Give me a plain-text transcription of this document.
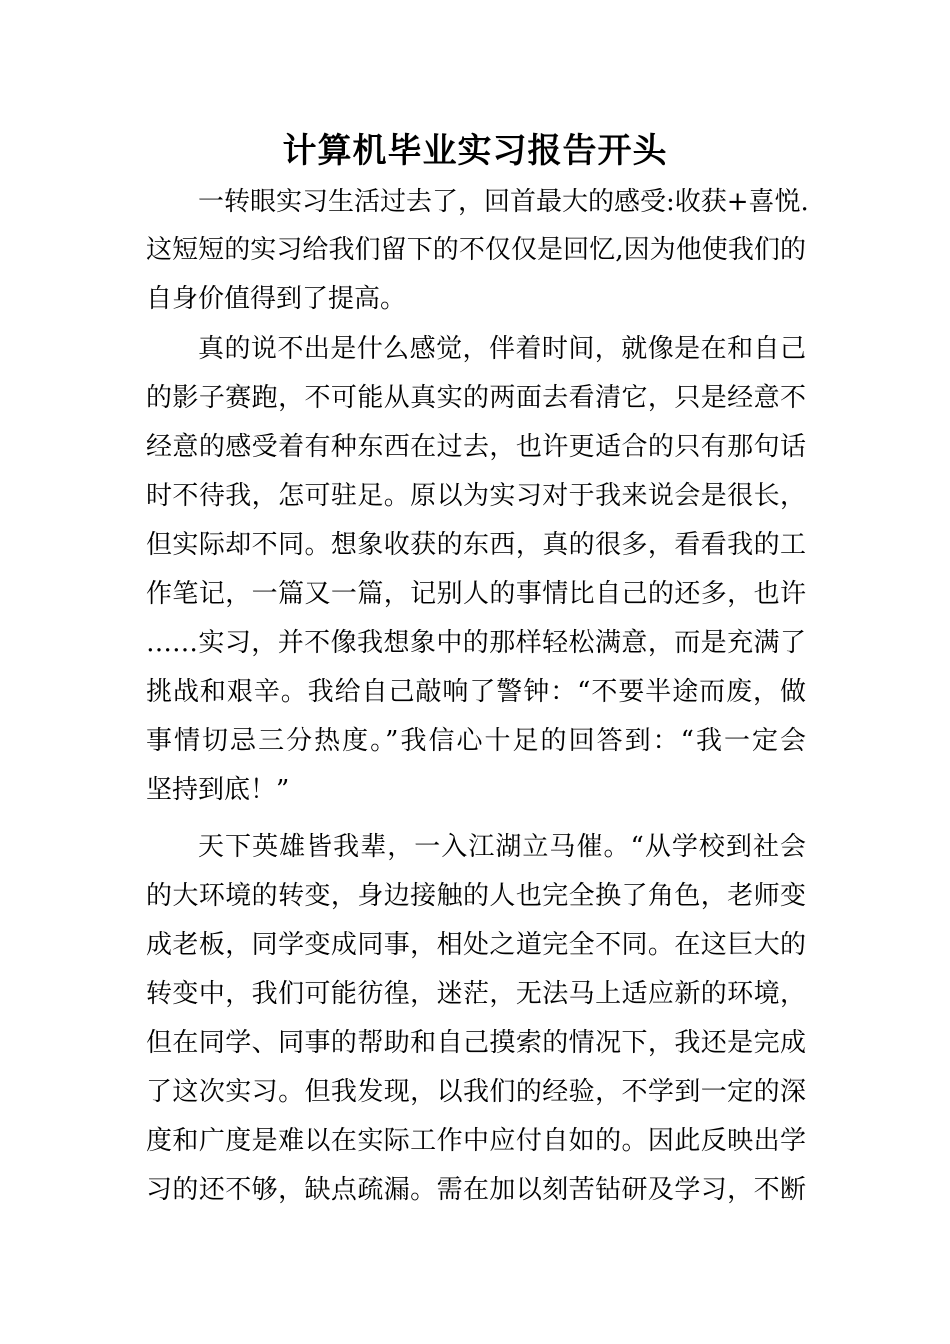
计算机毕业实习报告开头
一转眼实习生活过去了，回首最大的感受:收获+喜悦.
这短短的实习给我们留下的不仅仅是回忆,因为他使我们的
自身价值得到了提高。
真的说不出是什么感觉，伴着时间，就像是在和自己
的影子赛跑，不可能从真实的两面去看清它，只是经意不
经意的感受着有种东西在过去，也许更适合的只有那句话
时不待我，怎可驻足。原以为实习对于我来说会是很长，
但实际却不同。想象收获的东西，真的很多，看看我的工
作笔记，一篇又一篇，记别人的事情比自己的还多，也许
……实习，并不像我想象中的那样轻松满意，而是充满了
挑战和艰辛。我给自己敲响了警钟：“不要半途而废，做
事情切忌三分热度。”我信心十足的回答到：“我一定会
坚持到底！”
天下英雄皆我辈，一入江湖立马催。“从学校到社会
的大环境的转变，身边接触的人也完全换了角色，老师变
成老板，同学变成同事，相处之道完全不同。在这巨大的
转变中，我们可能彷徨，迷茫，无法马上适应新的环境，
但在同学、同事的帮助和自己摸索的情况下，我还是完成
了这次实习。但我发现，以我们的经验，不学到一定的深
度和广度是难以在实际工作中应付自如的。因此反映出学
习的还不够，缺点疏漏。需在加以刻苦钻研及学习，不断
